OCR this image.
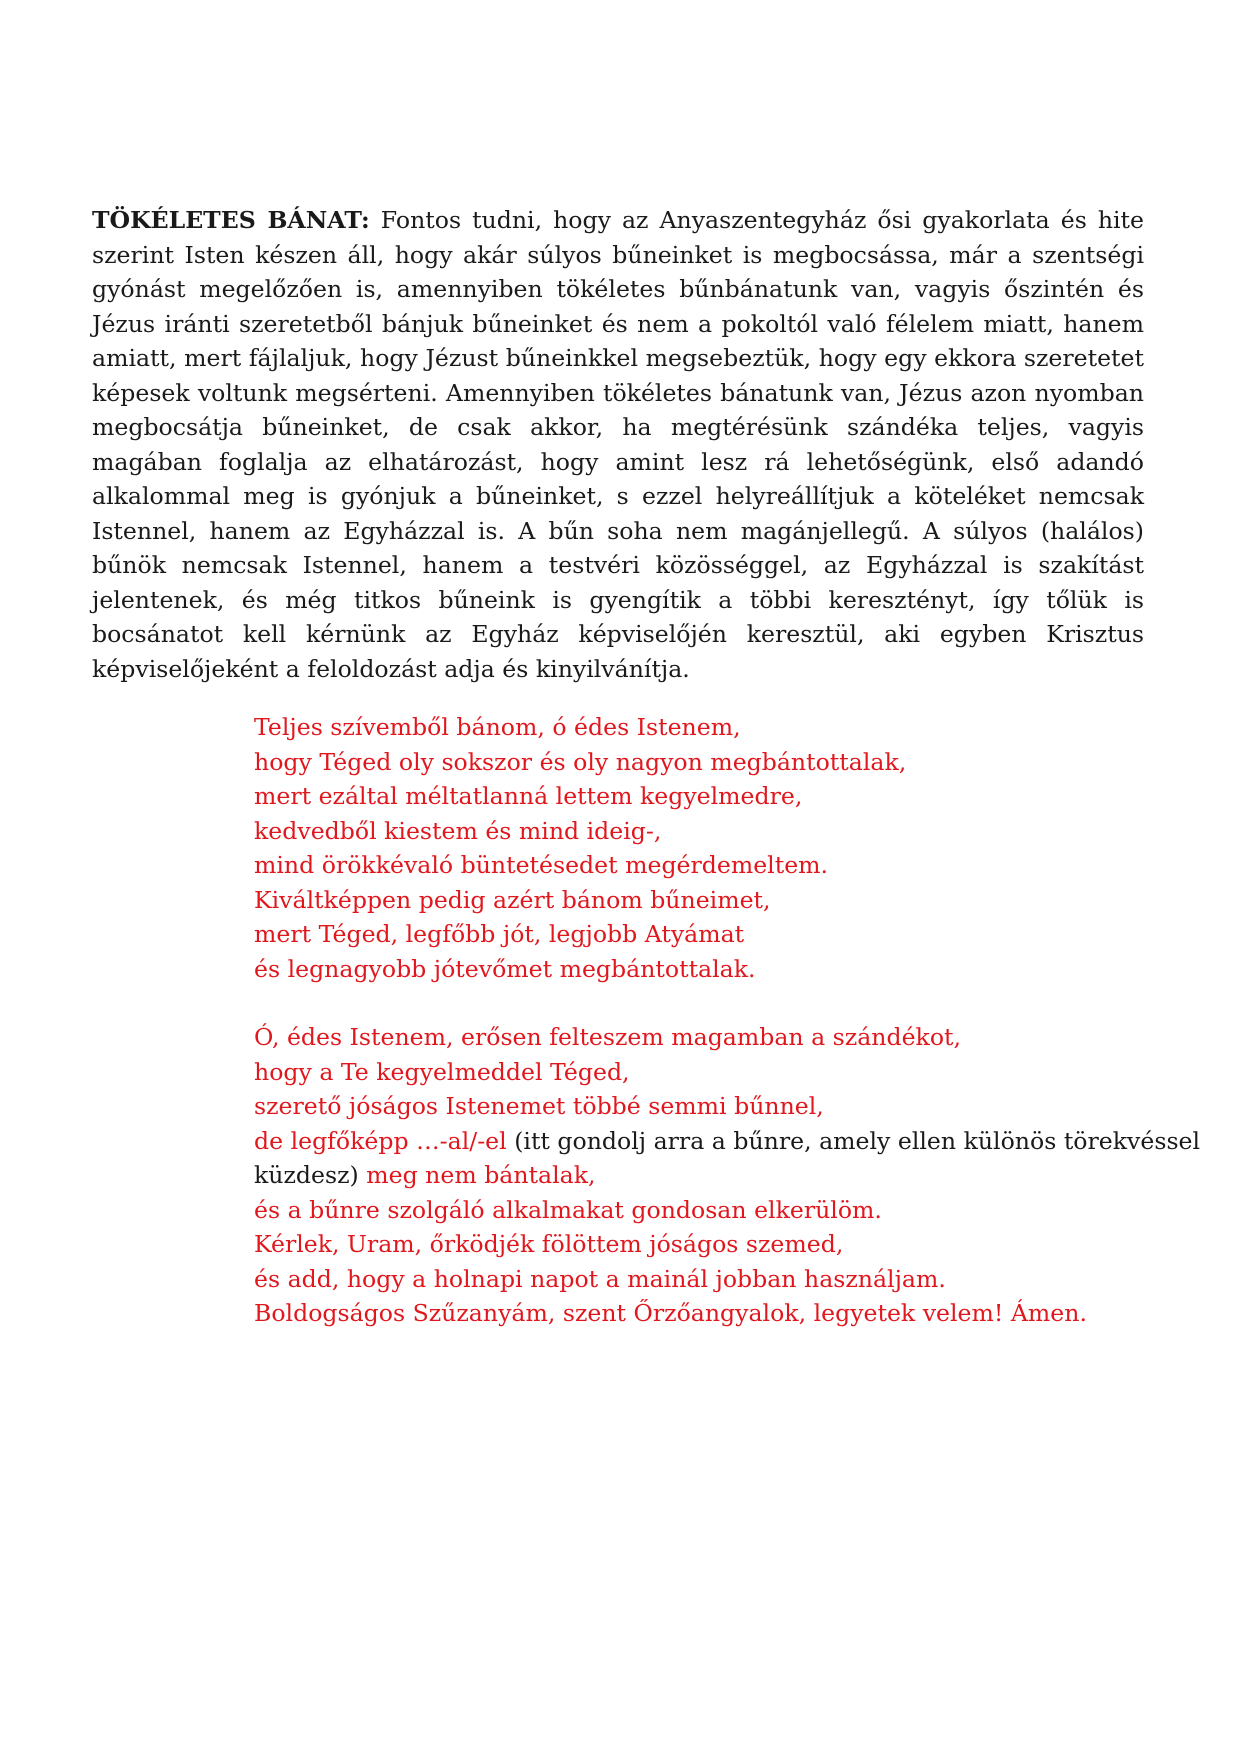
TÖKÉLETES BÁNAT: Fontos tudni, hogy az Anyaszentegyház ősi gyakorlata és hite szerint Isten készen áll, hogy akár súlyos bűneinket is megbocsássa, már a szentségi gyónást megelőzően is, amennyiben tökéletes bűnbánatunk van, vagyis őszintén és Jézus iránti szeretetből bánjuk bűneinket és nem a pokoltól való félelem miatt, hanem amiatt, mert fájlaljuk, hogy Jézust bűneinkkel megsebeztük, hogy egy ekkora szeretetet képesek voltunk megsérteni. Amennyiben tökéletes bánatunk van, Jézus azon nyomban megbocsátja bűneinket, de csak akkor, ha megtérésünk szándéka teljes, vagyis magában foglalja az elhatározást, hogy amint lesz rá lehetőségünk, első adandó alkalommal meg is gyónjuk a bűneinket, s ezzel helyreállítjuk a köteléket nemcsak Istennel, hanem az Egyházzal is. A bűn soha nem magánjellegű. A súlyos (halálos) bűnök nemcsak Istennel, hanem a testvéri közösséggel, az Egyházzal is szakítást jelentenek, és még titkos bűneink is gyengítik a többi keresztényt, így tőlük is bocsánatot kell kérnünk az Egyház képviselőjén keresztül, aki egyben Krisztus képviselőjeként a feloldozást adja és kinyilvánítja.

Teljes szívemből bánom, ó édes Istenem,
hogy Téged oly sokszor és oly nagyon megbántottalak,
mert ezáltal méltatlanná lettem kegyelmedre,
kedvedből kiestem és mind ideig-,
mind örökkévaló büntetésedet megérdemeltem.
Kiváltképpen pedig azért bánom bűneimet,
mert Téged, legfőbb jót, legjobb Atyámat
és legnagyobb jótevőmet megbántottalak.
Ó, édes Istenem, erősen felteszem magamban a szándékot,
hogy a Te kegyelmeddel Téged,
szerető jóságos Istenemet többé semmi bűnnel,
de legfőképp …-al/-el (itt gondolj arra a bűnre, amely ellen különös törekvéssel
küzdesz) meg nem bántalak,
és a bűnre szolgáló alkalmakat gondosan elkerülöm.
Kérlek, Uram, őrködjék fölöttem jóságos szemed,
és add, hogy a holnapi napot a mainál jobban használjam.
Boldogságos Szűzanyám, szent Őrzőangyalok, legyetek velem! Ámen.
